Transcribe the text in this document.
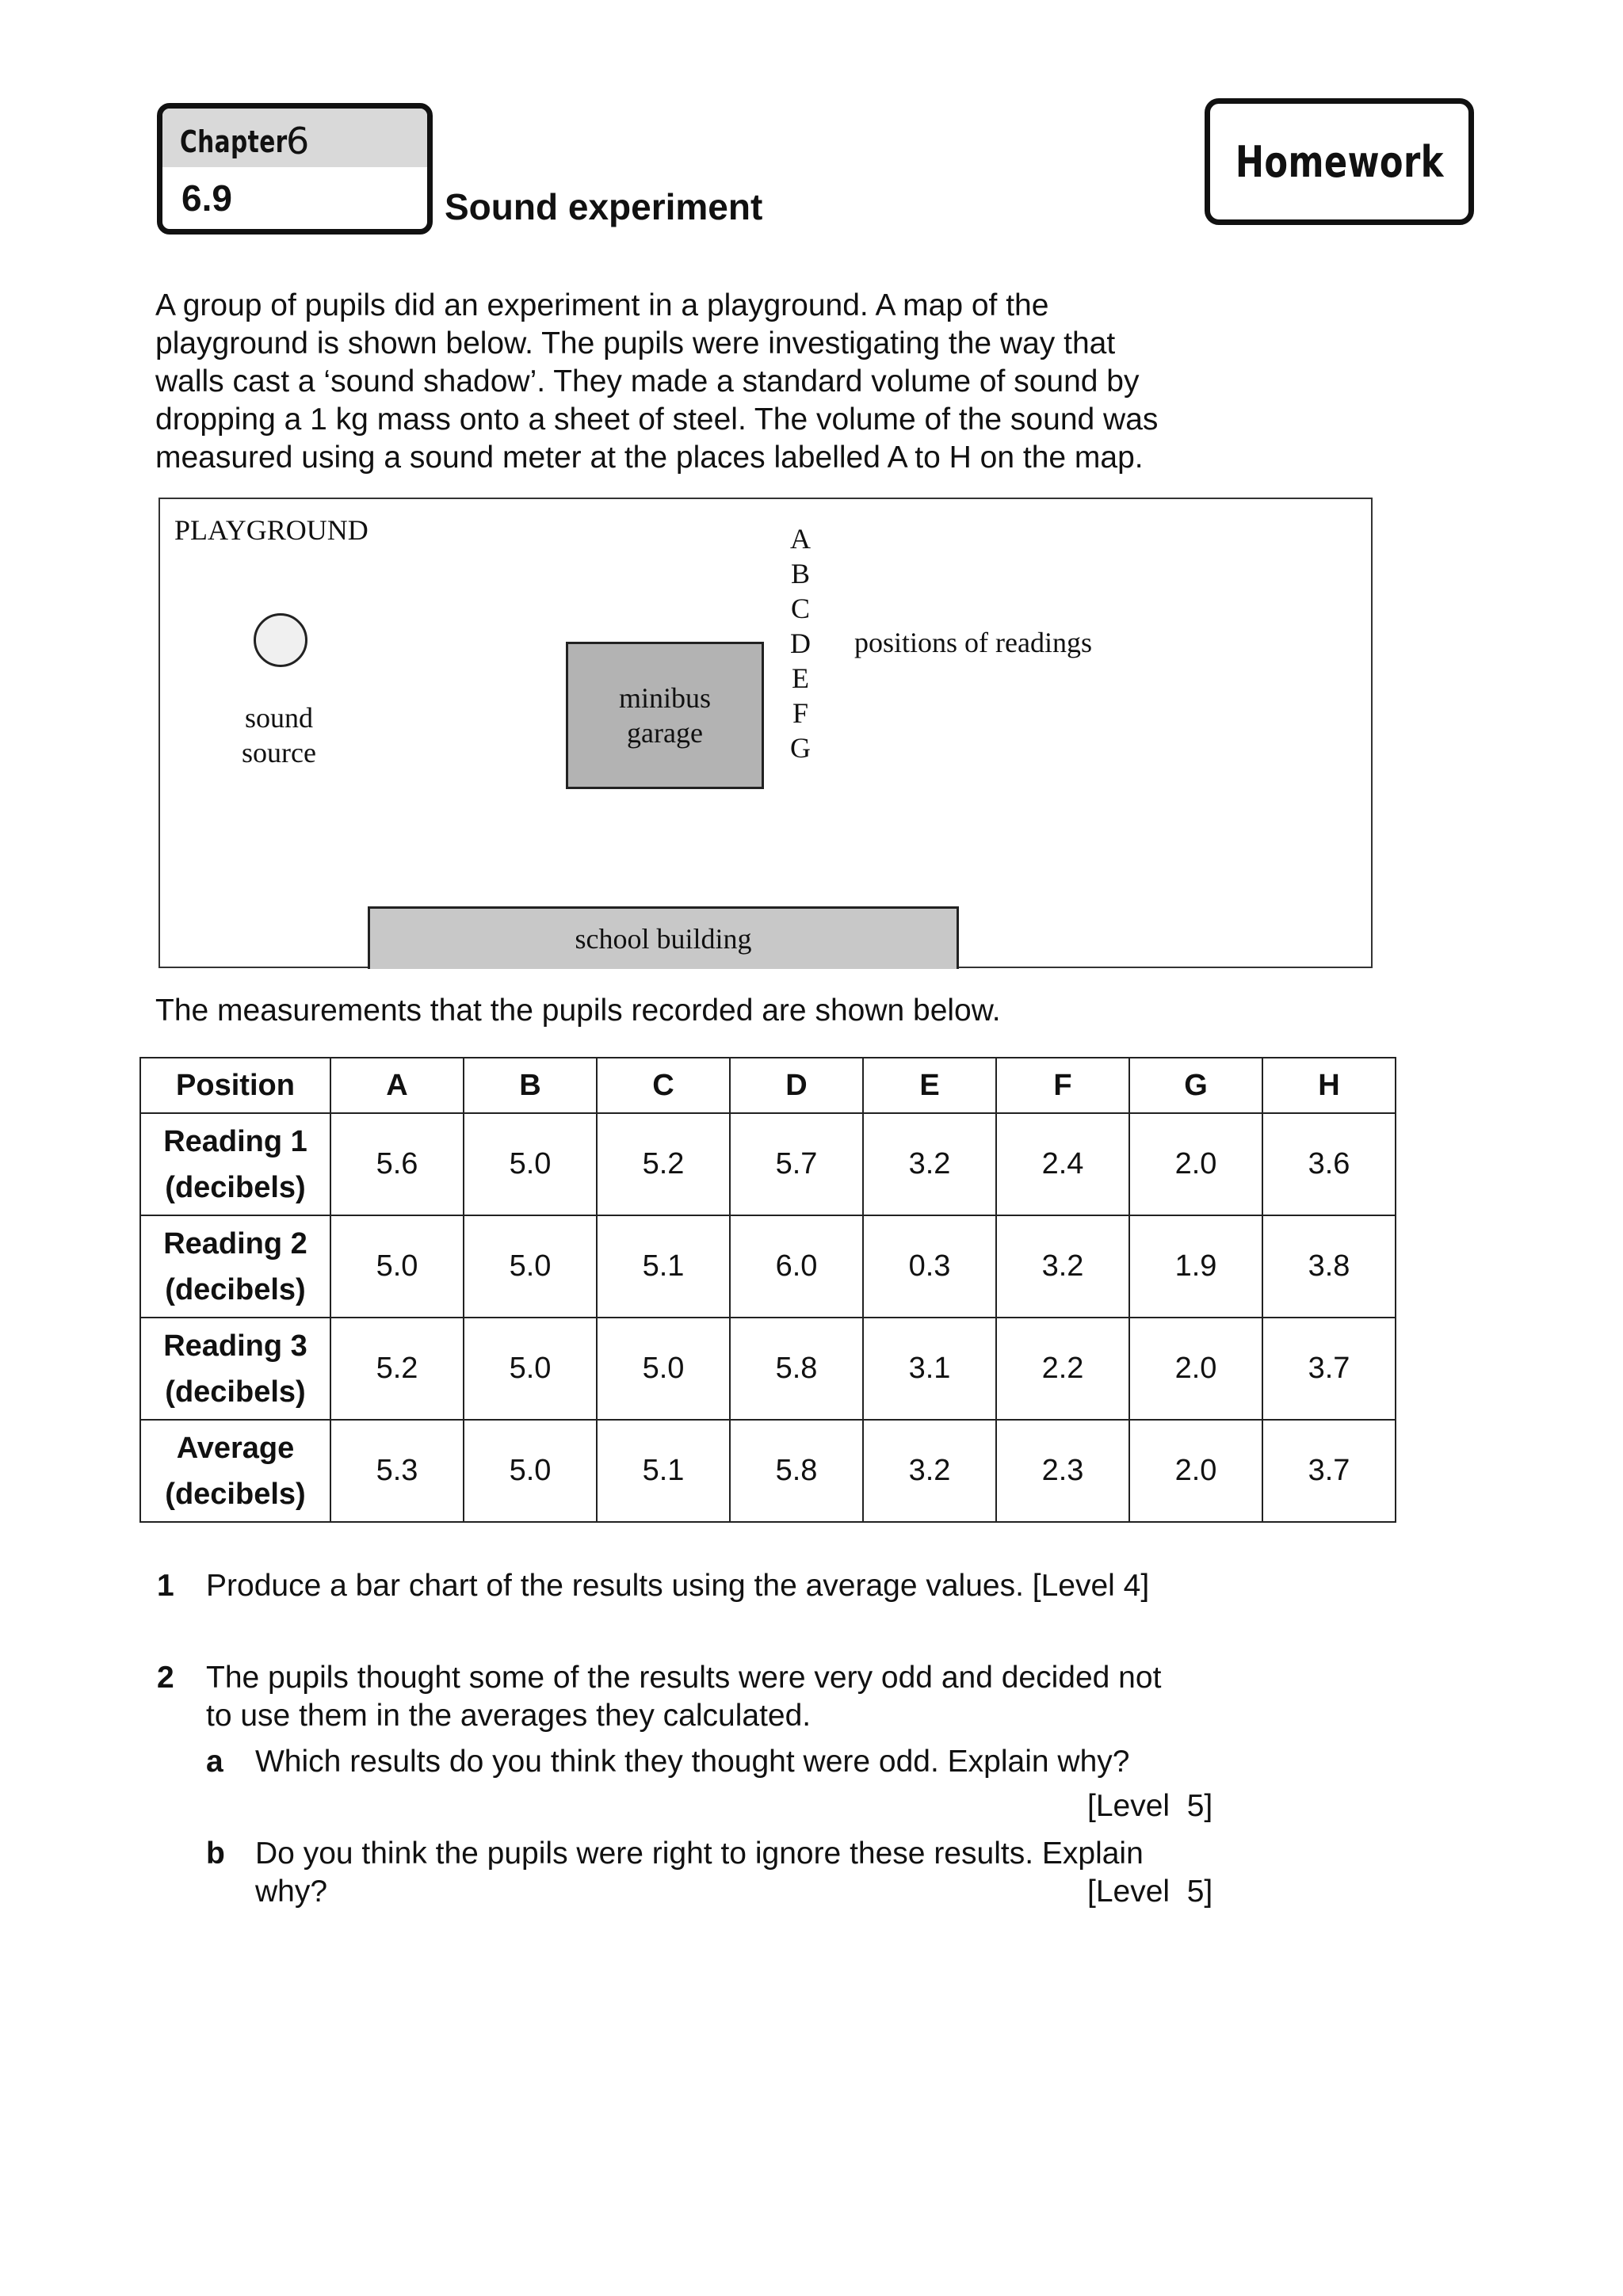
Chapter
6
6.9	Sound experiment
Homework
A group of pupils did an experiment in a playground. A map of the
playground is shown below. The pupils were investigating the way that
walls cast a ‘sound shadow’. They made a standard volume of sound by
dropping a 1 kg mass onto a sheet of steel. The volume of the sound was
measured using a sound meter at the places labelled A to H on the map.
PLAYGROUND
sound
source
minibus
garage
A
B
C
D
E
F
G
positions of readings
school building
The measurements that the pupils recorded are shown below.
Position	A	B	C	D	E	F	G	H

Reading 1
(decibels)	5.6	5.0	5.2	5.7	3.2	2.4	2.0	3.6

Reading 2
(decibels)	5.0	5.0	5.1	6.0	0.3	3.2	1.9	3.8

Reading 3
(decibels)	5.2	5.0	5.0	5.8	3.1	2.2	2.0	3.7

Average
(decibels)	5.3	5.0	5.1	5.8	3.2	2.3	2.0	3.7
1 Produce a bar chart of the results using the average values. [Level 4]
2 The pupils thought some of the results were very odd and decided not
to use them in the averages they calculated.
a Which results do you think they thought were odd. Explain why?
[Level  5]
b Do you think the pupils were right to ignore these results. Explain
why?	[Level  5]
